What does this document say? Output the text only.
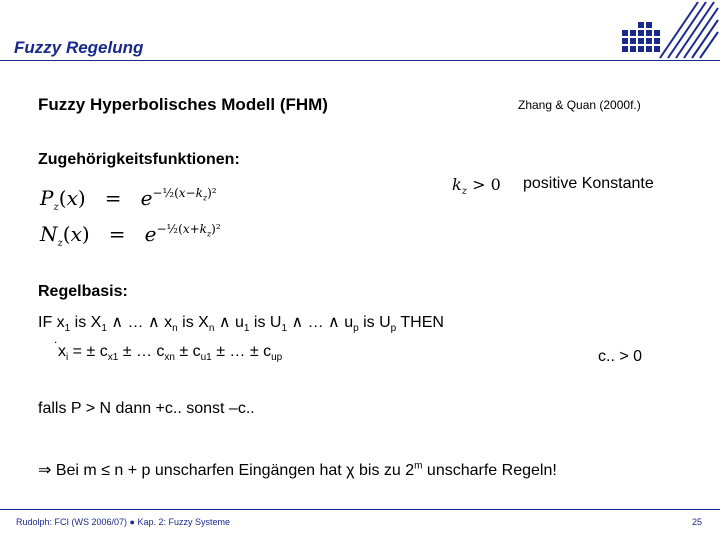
Fuzzy Regelung
Fuzzy Hyperbolisches Modell (FHM)	Zhang & Quan (2000f.)
Zugehörigkeitsfunktionen:
$P_z(x) = e^{-\frac{1}{2}(x-k_z)^2}$
$N_z(x) = e^{-\frac{1}{2}(x+k_z)^2}$
$k_z > 0$ positive Konstante
Regelbasis:
IF $x_1$ is $X_1$ ∧ … ∧ $x_n$ is $X_n$ ∧ $u_1$ is $U_1$ ∧ … ∧ $u_p$ is $U_p$ THEN
.
$x_i$ = ± $c_{x1}$ ± … $c_{xn} \pm c_{u1}$ ± … ± $c_{up}$	c.. > 0
falls P > N dann +c.. sonst –c..
⇒ Bei m ≤ n + p unscharfen Eingängen hat χ bis zu 2$^m$ unscharfe Regeln!
Rudolph: FCI (WS 2006/07) ● Kap. 2: Fuzzy Systeme	25
